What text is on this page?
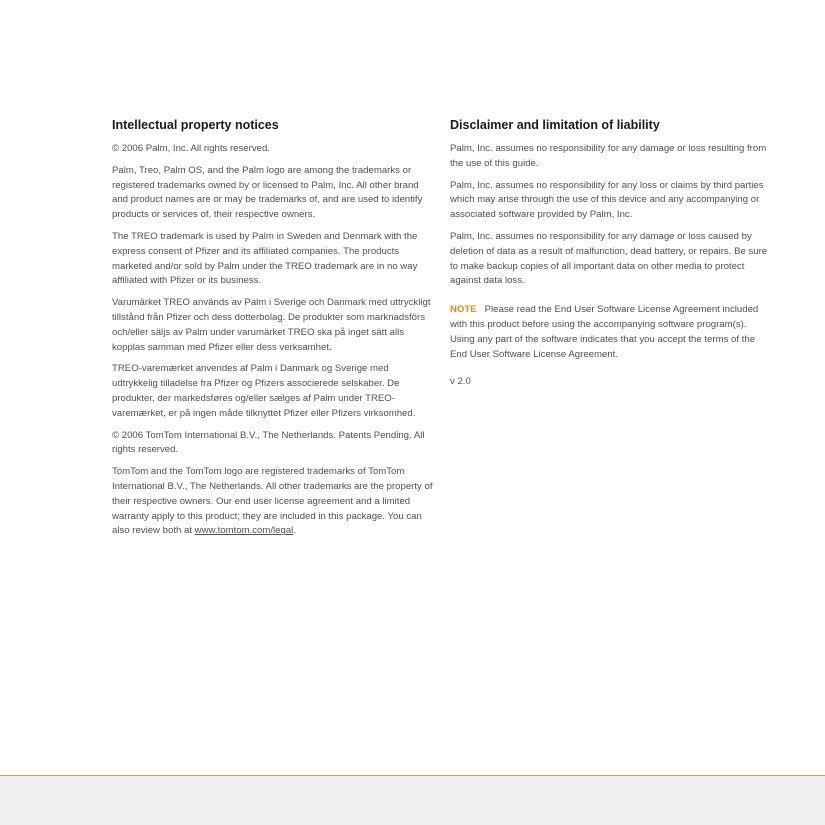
Intellectual property notices

© 2006 Palm, Inc. All rights reserved.

Palm, Treo, Palm OS, and the Palm logo are among the trademarks or registered trademarks owned by or licensed to Palm, Inc. All other brand and product names are or may be trademarks of, and are used to identify products or services of, their respective owners.

The TREO trademark is used by Palm in Sweden and Denmark with the express consent of Pfizer and its affiliated companies. The products marketed and/or sold by Palm under the TREO trademark are in no way affiliated with Pfizer or its business.

Varumärket TREO används av Palm i Sverige och Danmark med uttryckligt tillstånd från Pfizer och dess dotterbolag. De produkter som marknadsförs och/eller säljs av Palm under varumärket TREO ska på inget sätt alls kopplas samman med Pfizer eller dess verksamhet.

TREO-varemærket anvendes af Palm i Danmark og Sverige med udtrykkelig tilladelse fra Pfizer og Pfizers associerede selskaber. De produkter, der markedsføres og/eller sælges af Palm under TREO-varemærket, er på ingen måde tilknyttet Pfizer eller Pfizers virksomhed.

© 2006 TomTom International B.V., The Netherlands. Patents Pending. All rights reserved.

TomTom and the TomTom logo are registered trademarks of TomTom International B.V., The Netherlands. All other trademarks are the property of their respective owners. Our end user license agreement and a limited warranty apply to this product; they are included in this package. You can also review both at www.tomtom.com/legal.

Disclaimer and limitation of liability

Palm, Inc. assumes no responsibility for any damage or loss resulting from the use of this guide.

Palm, Inc. assumes no responsibility for any loss or claims by third parties which may arise through the use of this device and any accompanying or associated software provided by Palm, Inc.

Palm, Inc. assumes no responsibility for any damage or loss caused by deletion of data as a result of malfunction, dead battery, or repairs. Be sure to make backup copies of all important data on other media to protect against data loss.

NOTE Please read the End User Software License Agreement included with this product before using the accompanying software program(s). Using any part of the software indicates that you accept the terms of the End User Software License Agreement.

v 2.0
